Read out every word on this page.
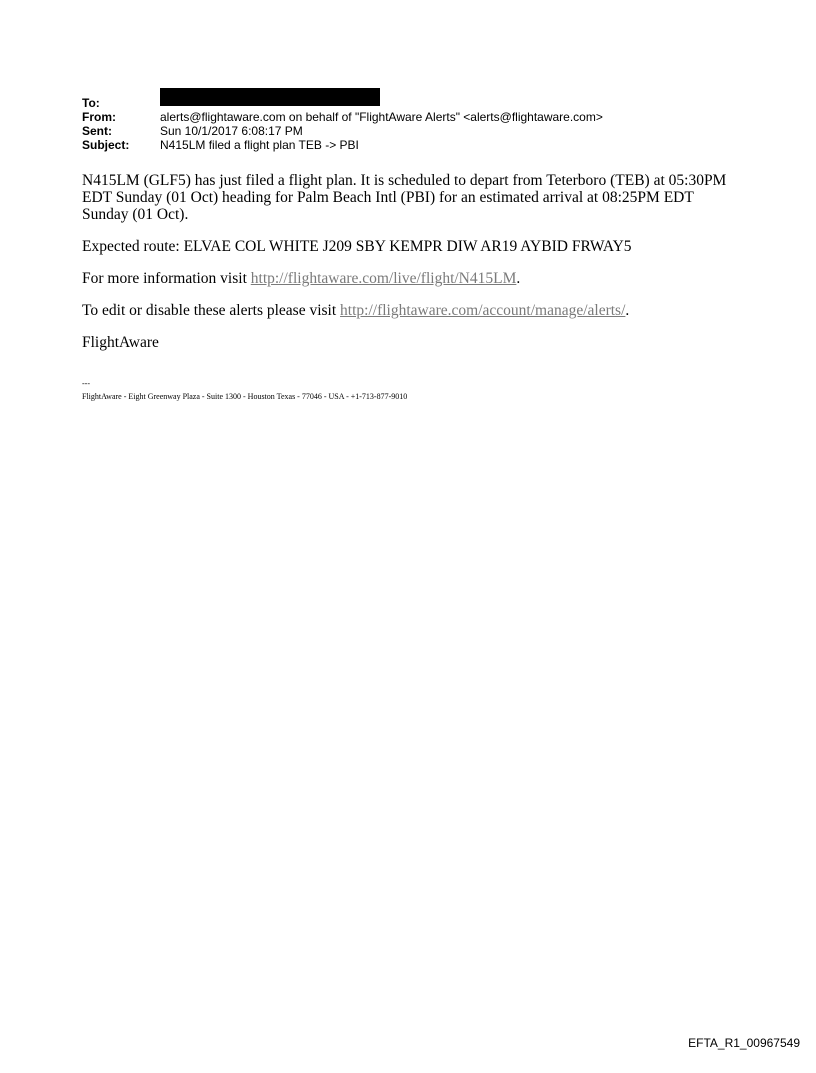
To:
From:	alerts@flightaware.com on behalf of "FlightAware Alerts" <alerts@flightaware.com>
Sent:	Sun 10/1/2017 6:08:17 PM
Subject:	N415LM filed a flight plan TEB -> PBI

N415LM (GLF5) has just filed a flight plan. It is scheduled to depart from Teterboro (TEB) at 05:30PM EDT Sunday (01 Oct) heading for Palm Beach Intl (PBI) for an estimated arrival at 08:25PM EDT Sunday (01 Oct).

Expected route: ELVAE COL WHITE J209 SBY KEMPR DIW AR19 AYBID FRWAY5

For more information visit http://flightaware.com/live/flight/N415LM.

To edit or disable these alerts please visit http://flightaware.com/account/manage/alerts/.

FlightAware

---
FlightAware - Eight Greenway Plaza - Suite 1300 - Houston Texas - 77046 - USA - +1-713-877-9010
EFTA_R1_00967549
